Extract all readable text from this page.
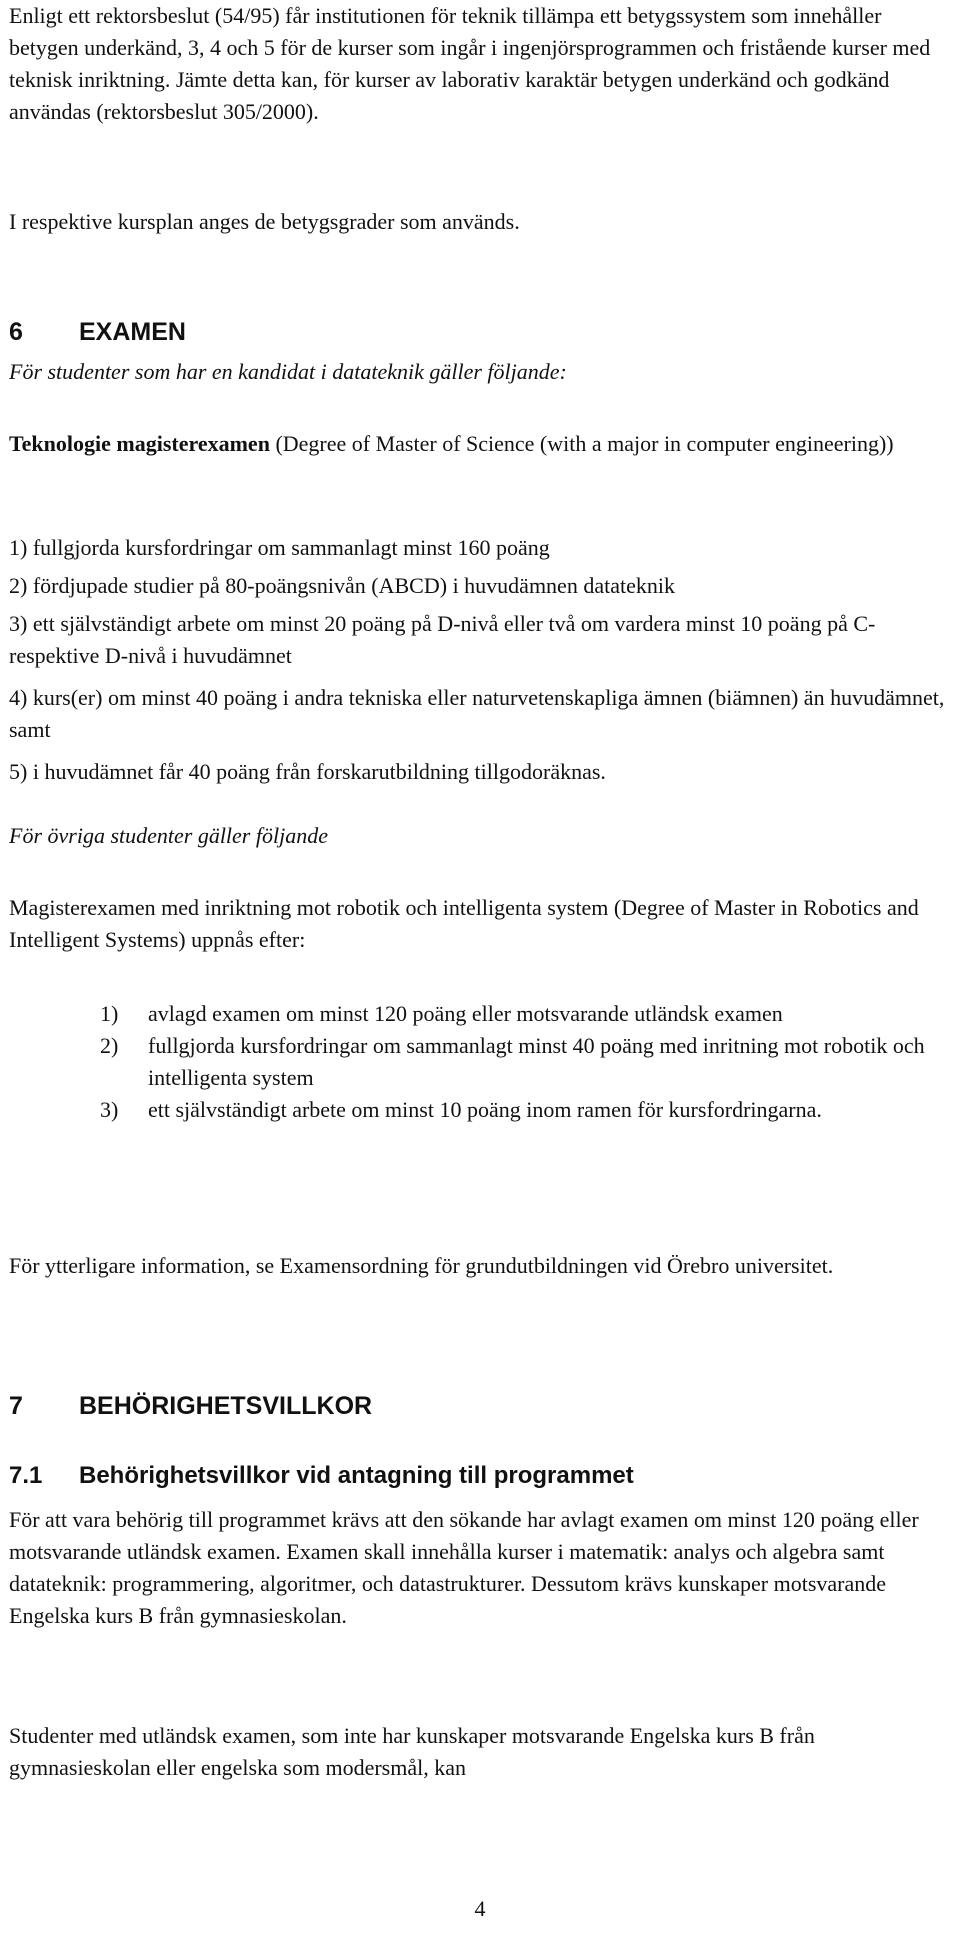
Enligt ett rektorsbeslut (54/95) får institutionen för teknik tillämpa ett betygssystem som innehåller betygen underkänd, 3, 4 och 5 för de kurser som ingår i ingenjörsprogrammen och fristående kurser med teknisk inriktning. Jämte detta kan, för kurser av laborativ karaktär betygen underkänd och godkänd användas (rektorsbeslut 305/2000).

I respektive kursplan anges de betygsgrader som används.

6 EXAMEN

För studenter som har en kandidat i datateknik gäller följande:

Teknologie magisterexamen (Degree of Master of Science (with a major in computer engineering))

1) fullgjorda kursfordringar om sammanlagt minst 160 poäng

2) fördjupade studier på 80-poängsnivån (ABCD) i huvudämnen datateknik

3) ett självständigt arbete om minst 20 poäng på D-nivå eller två om vardera minst 10 poäng på C- respektive D-nivå i huvudämnet

4) kurs(er) om minst 40 poäng i andra tekniska eller naturvetenskapliga ämnen (biämnen) än huvudämnet, samt

5) i huvudämnet får 40 poäng från forskarutbildning tillgodoräknas.

För övriga studenter gäller följande

Magisterexamen med inriktning mot robotik och intelligenta system (Degree of Master in Robotics and Intelligent Systems) uppnås efter:

1) avlagd examen om minst 120 poäng eller motsvarande utländsk examen
2) fullgjorda kursfordringar om sammanlagt minst 40 poäng med inritning mot robotik och intelligenta system
3) ett självständigt arbete om minst 10 poäng inom ramen för kursfordringarna.

För ytterligare information, se Examensordning för grundutbildningen vid Örebro universitet.

7 BEHÖRIGHETSVILLKOR
7.1 Behörighetsvillkor vid antagning till programmet

För att vara behörig till programmet krävs att den sökande har avlagt examen om minst 120 poäng eller motsvarande utländsk examen. Examen skall innehålla kurser i matematik: analys och algebra samt datateknik: programmering, algoritmer, och datastrukturer. Dessutom krävs kunskaper motsvarande Engelska kurs B från gymnasieskolan.

Studenter med utländsk examen, som inte har kunskaper motsvarande Engelska kurs B från gymnasieskolan eller engelska som modersmål, kan

4
